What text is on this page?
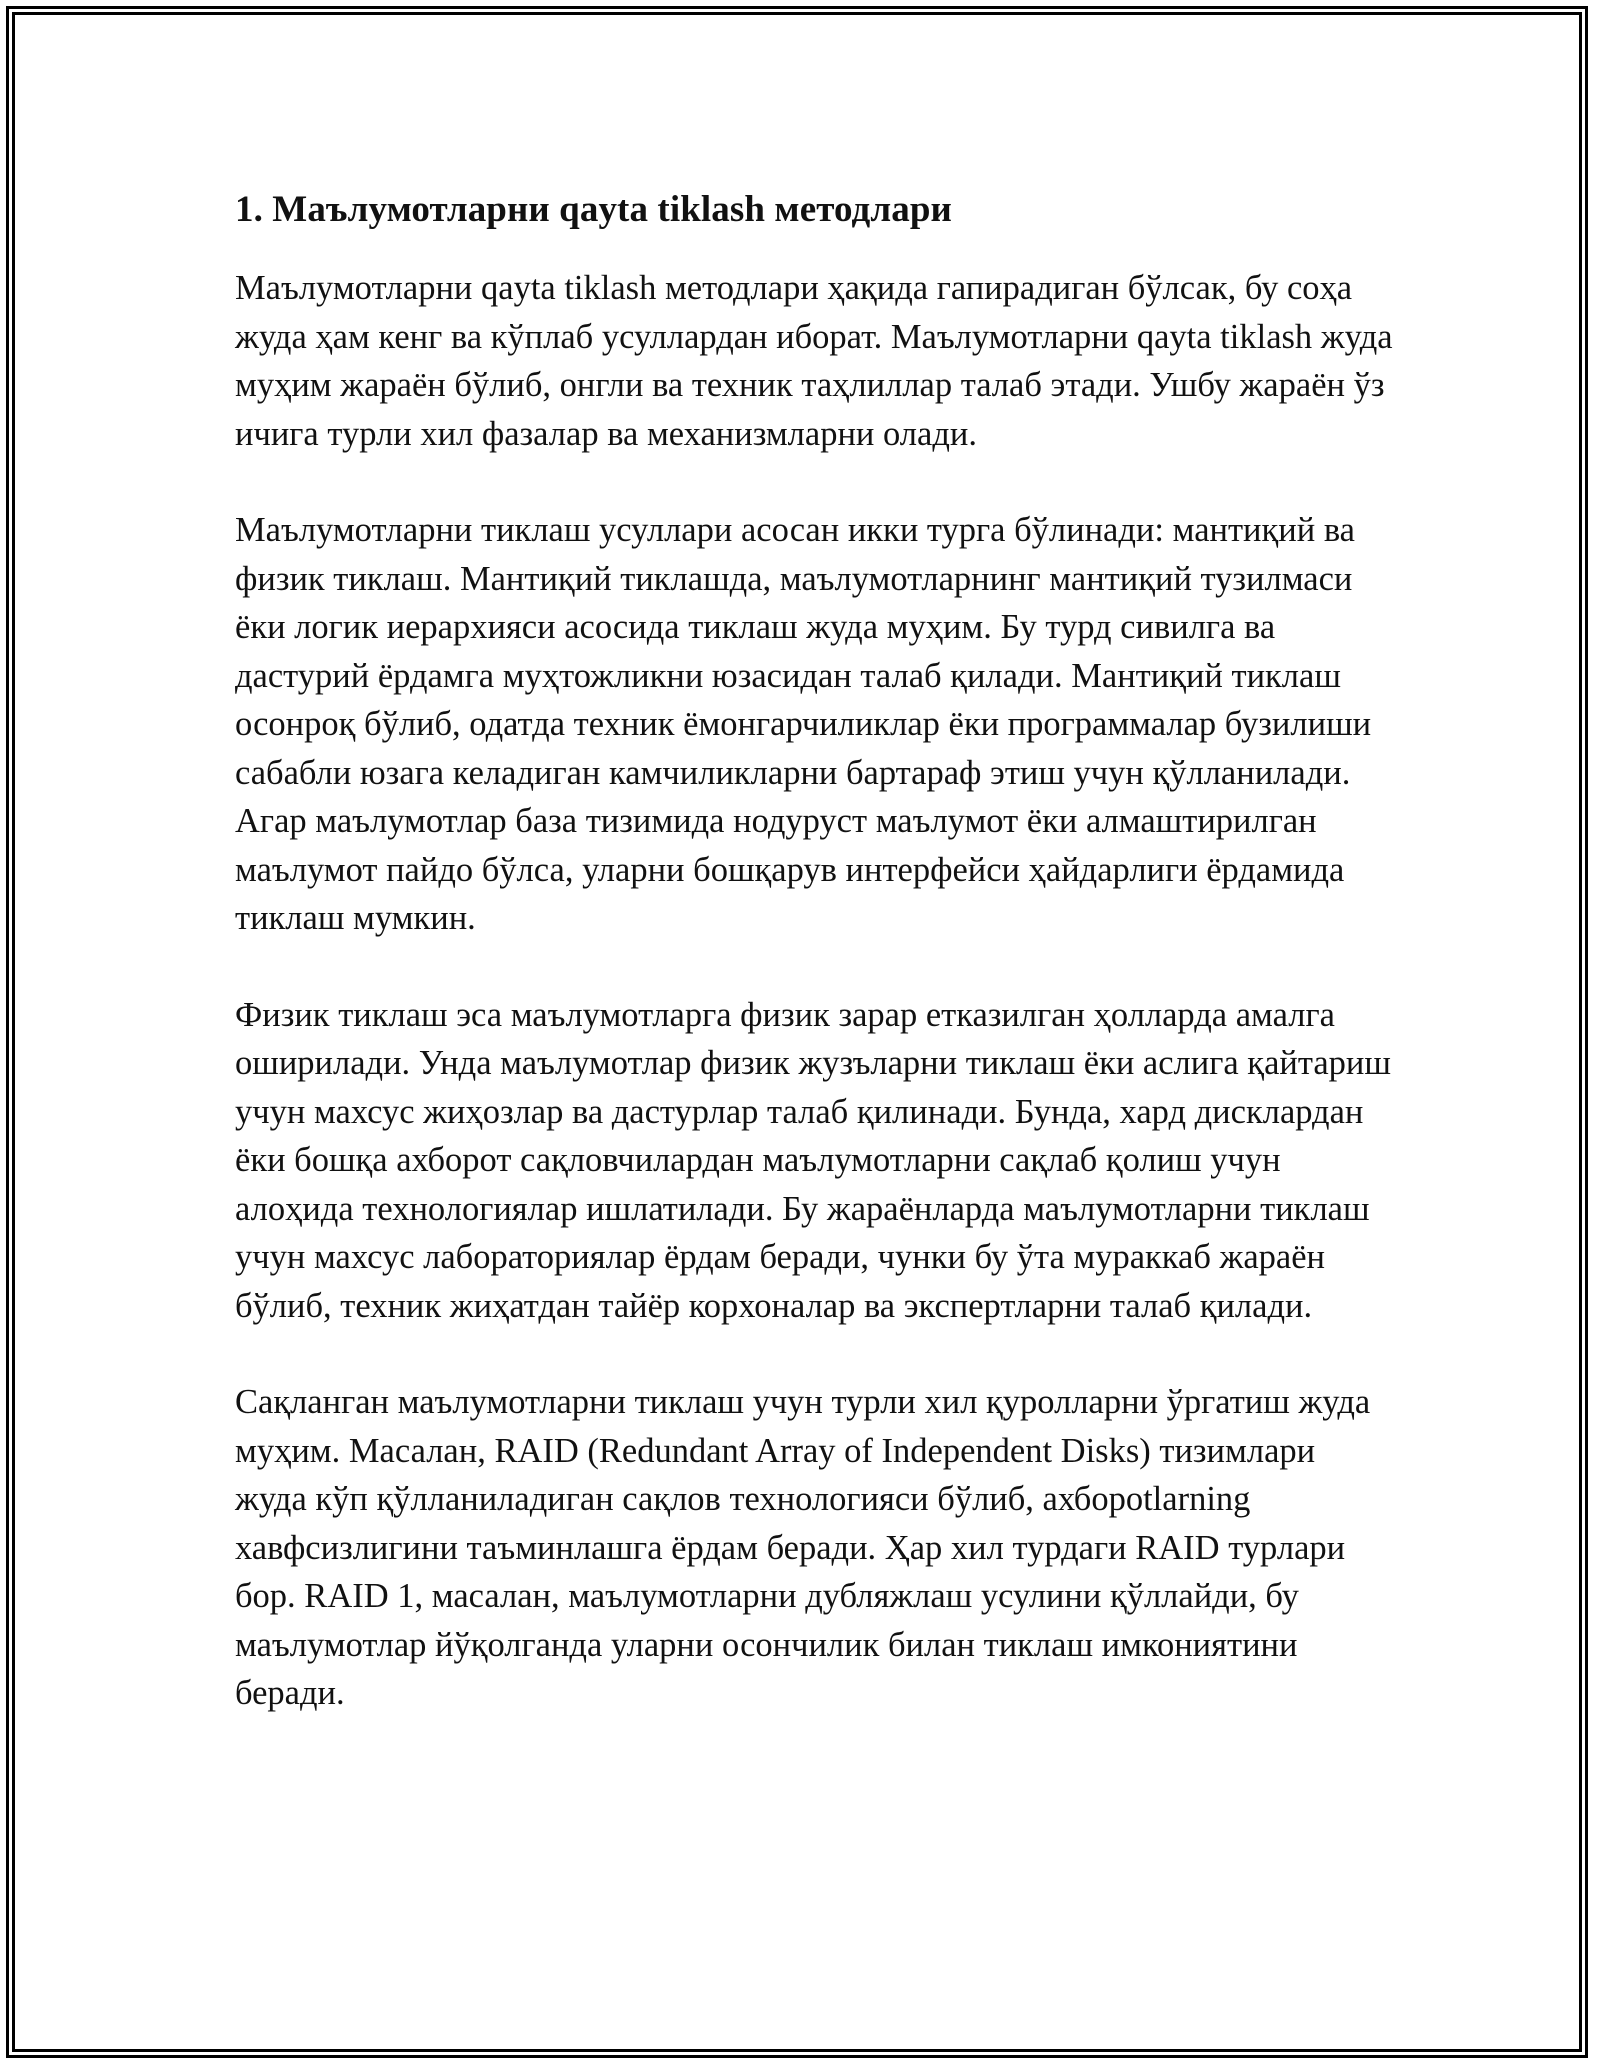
1. Маълумотларни qayta tiklash методлари

Маълумотларни qayta tiklash методлари ҳақида гапирадиган бўлсак, бу соҳа жуда ҳам кенг ва кўплаб усуллардан иборат. Маълумотларни qayta tiklash жуда муҳим жараён бўлиб, онгли ва техник таҳлиллар талаб этади. Ушбу жараён ўз ичига турли хил фазалар ва механизмларни олади.

Маълумотларни тиклаш усуллари асосан икки турга бўлинади: мантиқий ва физик тиклаш. Мантиқий тиклашда, маълумотларнинг мантиқий тузилмаси ёки логик иерархияси асосида тиклаш жуда муҳим. Бу турд сивилга ва дастурий ёрдамга муҳтожликни юзасидан талаб қилади. Мантиқий тиклаш осонроқ бўлиб, одатда техник ёмонгарчиликлар ёки программалар бузилиши сабабли юзага келадиган камчиликларни бартараф этиш учун қўлланилади. Агар маълумотлар база тизимида нодуруст маълумот ёки алмаштирилган маълумот пайдо бўлса, уларни бошқарув интерфейси ҳайдарлиги ёрдамида тиклаш мумкин.

Физик тиклаш эса маълумотларга физик зарар етказилган ҳолларда амалга оширилади. Унда маълумотлар физик жузъларни тиклаш ёки аслига қайтариш учун махсус жиҳозлар ва дастурлар талаб қилинади. Бунда, хард дисклардан ёки бошқа ахборот сақловчилардан маълумотларни сақлаб қолиш учун алоҳида технологиялар ишлатилади. Бу жараёнларда маълумотларни тиклаш учун махсус лабораториялар ёрдам беради, чунки бу ўта мураккаб жараён бўлиб, техник жиҳатдан тайёр корхоналар ва экспертларни талаб қилади.

Сақланган маълумотларни тиклаш учун турли хил қуролларни ўргатиш жуда муҳим. Масалан, RAID (Redundant Array of Independent Disks) тизимлари жуда кўп қўлланиладиган сақлов технологияси бўлиб, ахбороtlarning хавфсизлигини таъминлашга ёрдам беради. Ҳар хил турдаги RAID турлари бор. RAID 1, масалан, маълумотларни дубляжлаш усулини қўллайди, бу маълумотлар йўқолганда уларни осончилик билан тиклаш имкониятини беради.
